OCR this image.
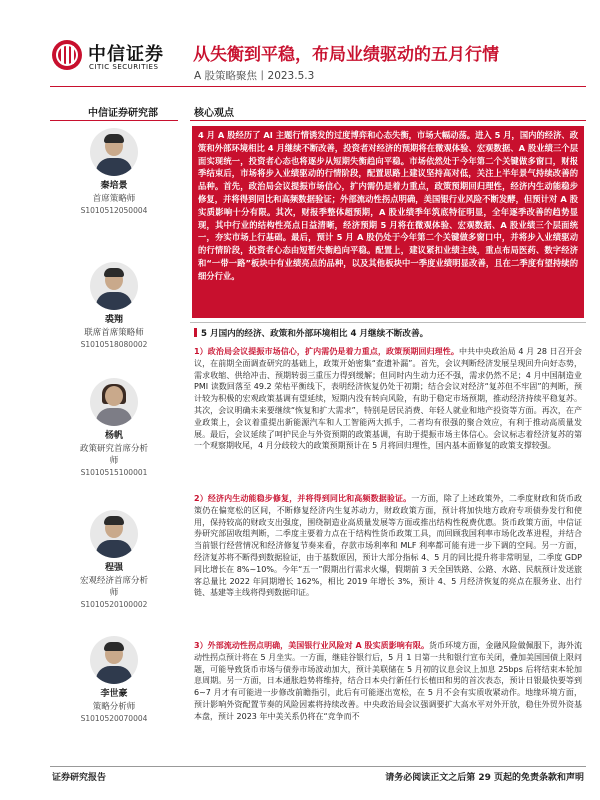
中信证券
CITIC SECURITIES
从失衡到平稳，布局业绩驱动的五月行情
A 股策略聚焦丨2023.5.3
中信证券研究部
秦培景
首席策略师
S1010512050004
裘翔
联席首席策略师
S1010518080002
杨帆
政策研究首席分析师
S1010515100001
程强
宏观经济首席分析师
S1010520100002
李世豪
策略分析师
S1010520070004
核心观点
4 月 A 股经历了 AI 主题行情诱发的过度博弈和心态失衡，市场大幅动荡。进入 5 月，国内的经济、政策和外部环境相比 4 月继续不断改善，投资者对经济的预期将在微观体验、宏观数据、A 股业绩三个层面实现统一，投资者心态也将逐步从短期失衡趋向平稳。市场依然处于今年第二个关键做多窗口，财报季结束后，市场将步入业绩驱动的行情阶段，配置思路上建议坚持高对低，关注上半年景气持续改善的品种。首先，政治局会议提振市场信心，扩内需仍是着力重点，政策预期回归理性，经济内生动能稳步修复，并将得到同比和高频数据验证；外部流动性拐点明确，美国银行业风险不断发酵，但预计对 A 股实质影响十分有限。其次，财报季整体超预期，A 股业绩季年筑底特征明显，全年逐季改善的趋势显现，其中行业的结构性亮点日益清晰，经济预期 5 月将在微观体验、宏观数据、A 股业绩三个层面统一，夯实市场上行基础。最后，预计 5 月 A 股仍处于今年第二个关键做多窗口中，并将步入业绩驱动的行情阶段，投资者心态由短暂失衡趋向平稳。配置上，建议紧扣业绩主线，重点布局医药、数字经济和“一带一路”板块中有业绩亮点的品种，以及其他板块中一季度业绩明显改善，且在二季度有望持续的细分行业。
5 月国内的经济、政策和外部环境相比 4 月继续不断改善。
1）政治局会议提振市场信心，扩内需仍是着力重点，政策预期回归理性。中共中央政治局 4 月 28 日召开会议，在前期全面调查研究的基础上，政策开始密集“查遗补漏”。首先，会议判断经济发展呈现回升向好态势，需求收缩、供给冲击、预期转弱三重压力得到缓解；但同时内生动力还不强，需求仍然不足；4 月中国制造业 PMI 读数回落至 49.2 荣枯平衡线下，表明经济恢复仍处于初期；结合会议对经济“复苏但不牢固”的判断，预计较为积极的宏观政策基调有望延续，短期内没有转向风险，有助于稳定市场预期，推动经济持续平稳复苏。其次，会议明确未来要继续“恢复和扩大需求”，特别是居民消费、年轻人就业和地产投资等方面。再次，在产业政策上，会议着重提出新能源汽车和人工智能两大抓手，二者均有很强的聚合效应，有利于推动高质量发展。最后，会议延续了呵护民企与外资预期的政策基调，有助于提振市场主体信心。会议标志着经济复苏的第一个观察期收尾，4 月分歧较大的政策预期预计在 5 月将回归理性，国内基本面修复的政策支撑较强。
2）经济内生动能稳步修复，并将得到同比和高频数据验证。一方面，除了上述政策外，二季度财政和货币政策仍在偏宽松的区间，不断修复经济内生复苏动力，财政政策方面，预计将加快地方政府专项债券发行和使用，保持较高的财政支出强度，围绕制造业高质量发展等方面或推出结构性税费优惠。货币政策方面，中信证券研究部固收组判断，二季度主要着力点在于结构性货币政策工具，而回顾我国利率市场化改革进程，并结合当前银行经营情况和经济修复节奏来看，存款市场利率和 MLF 利率都可能有进一步下调的空间。另一方面，经济复苏将不断得到数据验证，由于基数原因，预计大部分指标 4、5 月的同比提升将非常明显，二季度 GDP 同比增长在 8%~10%。今年“五一”假期出行需求火爆，假期前 3 天全国铁路、公路、水路、民航预计发送旅客总量比 2022 年同期增长 162%，相比 2019 年增长 3%，预计 4、5 月经济恢复的亮点在服务业、出行链、基建等主线将得到数据印证。
3）外部流动性拐点明确，美国银行业风险对 A 股实质影响有限。货币环境方面，金融风险做佩服下，海外流动性拐点预计将在 5 月坐实。一方面，继硅谷银行后，5 月 1 日第一共和银行宣布关闭，叠加美国国债上限问题，可能导致货币市场与债券市场波动加大，预计美联储在 5 月初的议息会议上加息 25bps 后将结束本轮加息周期。另一方面，日本通胀趋势将维持，结合日本央行新任行长植田和男的首次表态，预计日银最快要等到 6~7 月才有可能进一步修改前瞻指引，此后有可能逐出宽松，在 5 月不会有实质收紧动作。地缘环境方面，预计影响外资配置节奏的风险因素将持续改善。中央政治局会议强调要扩大高水平对外开放，稳住外贸外资基本盘，预计 2023 年中美关系仍将在“竞争而不
证券研究报告	请务必阅读正文之后第 29 页起的免责条款和声明
